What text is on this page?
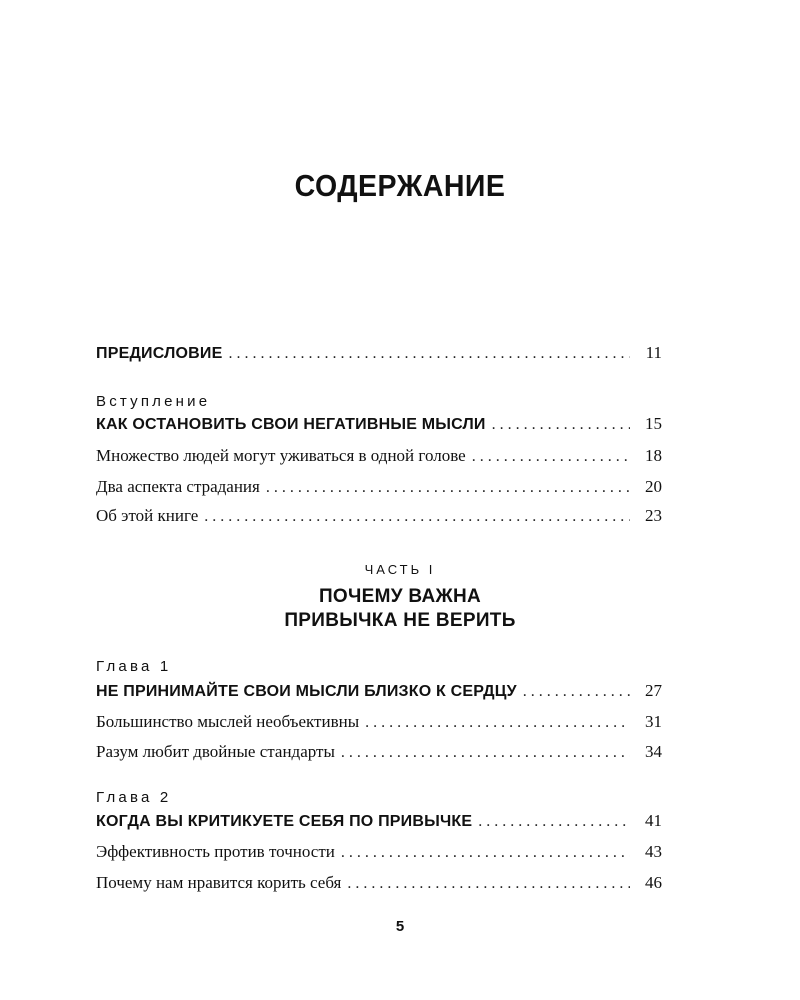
СОДЕРЖАНИЕ
ПРЕДИСЛОВИЕ . . .	11
Вступление
КАК ОСТАНОВИТЬ СВОИ НЕГАТИВНЫЕ МЫСЛИ . . .	15
Множество людей могут уживаться в одной голове . . .	18
Два аспекта страдания . . .	20
Об этой книге . . .	23
Глава 1
НЕ ПРИНИМАЙТЕ СВОИ МЫСЛИ БЛИЗКО К СЕРДЦУ . . .	27
Большинство мыслей необъективны . . .	31
Разум любит двойные стандарты . . .	34
Глава 2
КОГДА ВЫ КРИТИКУЕТЕ СЕБЯ ПО ПРИВЫЧКЕ . . .	41
Эффективность против точности . . .	43
Почему нам нравится корить себя . . .	46
ЧАСТЬ I
ПОЧЕМУ ВАЖНА
ПРИВЫЧКА НЕ ВЕРИТЬ
5
